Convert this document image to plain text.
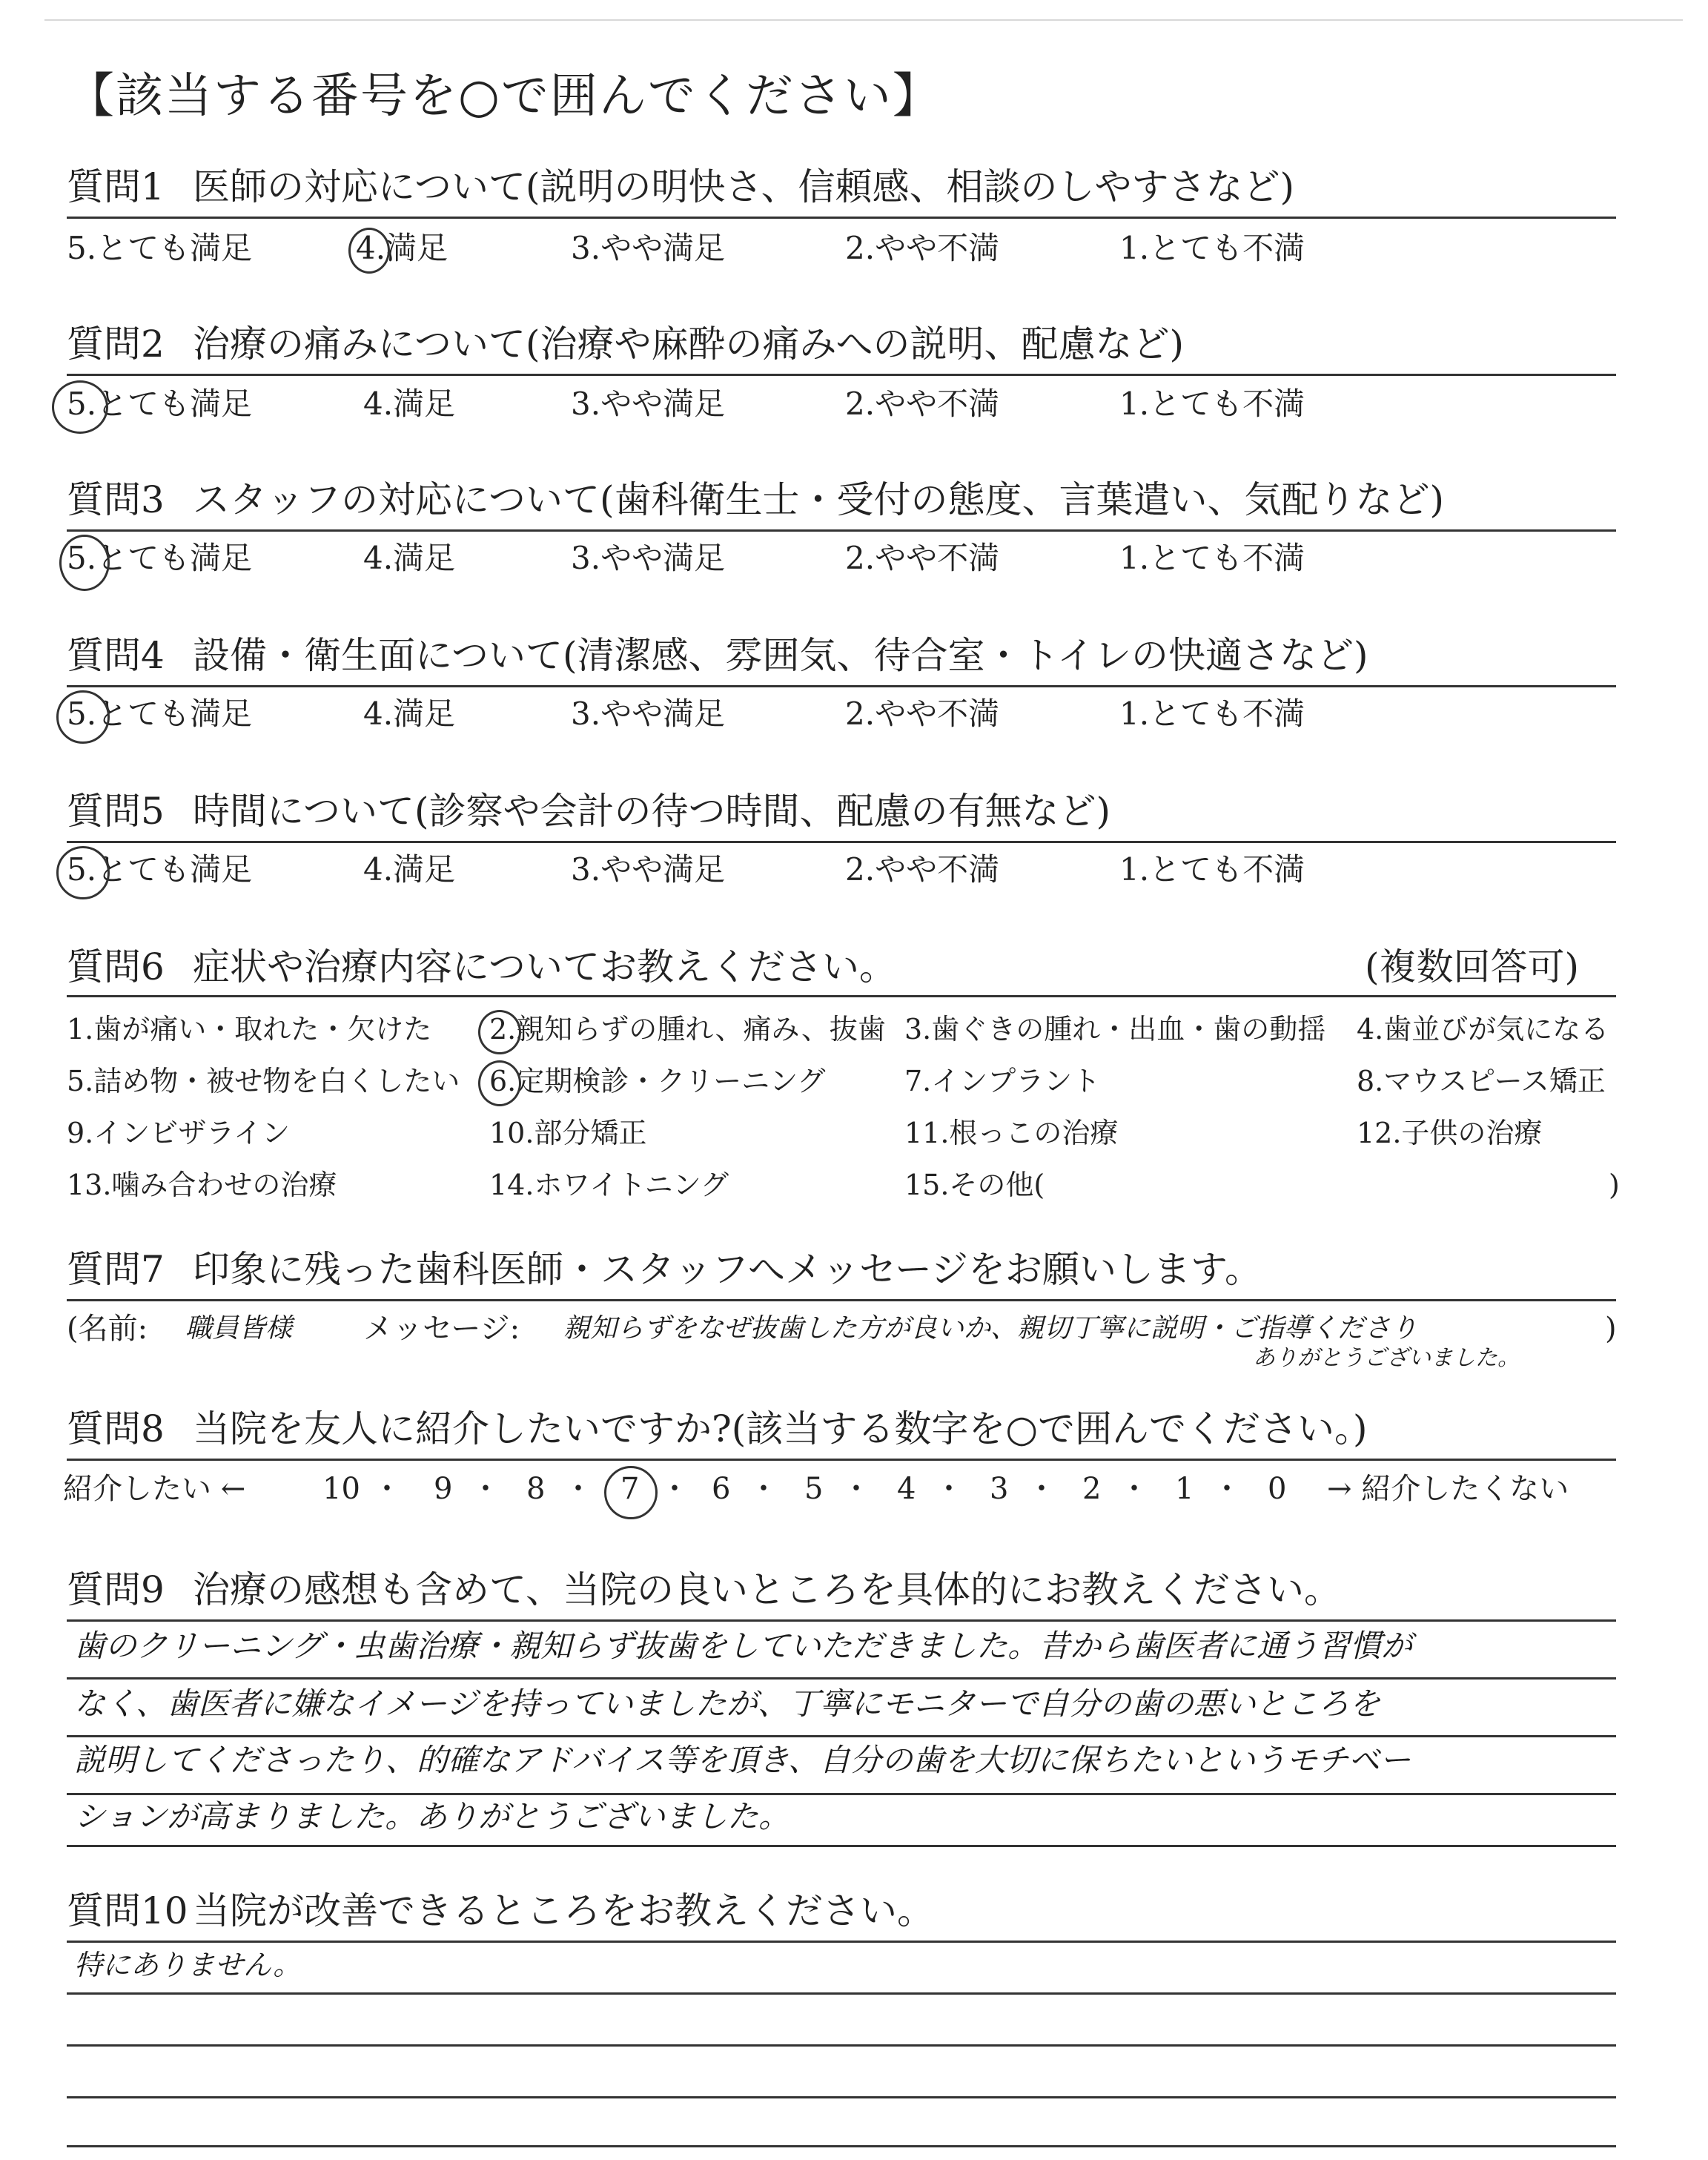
【該当する番号を○で囲んでください】
質問1 医師の対応について(説明の明快さ、信頼感、相談のしやすさなど)
5.とても満足	4.満足	3.やや満足	2.やや不満	1.とても不満
質問2 治療の痛みについて(治療や麻酔の痛みへの説明、配慮など)
5.とても満足	4.満足	3.やや満足	2.やや不満	1.とても不満
質問3 スタッフの対応について(歯科衛生士・受付の態度、言葉遣い、気配りなど)
5.とても満足	4.満足	3.やや満足	2.やや不満	1.とても不満
質問4 設備・衛生面について(清潔感、雰囲気、待合室・トイレの快適さなど)
5.とても満足	4.満足	3.やや満足	2.やや不満	1.とても不満
質問5 時間について(診察や会計の待つ時間、配慮の有無など)
5.とても満足	4.満足	3.やや満足	2.やや不満	1.とても不満
質問6 症状や治療内容についてお教えください。	(複数回答可)
1.歯が痛い・取れた・欠けた 2.親知らずの腫れ、痛み、抜歯 3.歯ぐきの腫れ・出血・歯の動揺 4.歯並びが気になる
5.詰め物・被せ物を白くしたい 6.定期検診・クリーニング	7.インプラント	8.マウスピース矯正
9.インビザライン	10.部分矯正	11.根っこの治療	12.子供の治療
13.噛み合わせの治療	14.ホワイトニング	15.その他(	)
質問7 印象に残った歯科医師・スタッフへメッセージをお願いします。
(名前: 職員皆様 メッセージ: 親知らずをなぜ抜歯した方が良いか、親切丁寧に説明・ご指導くださり
ありがとうございました。
)
質問8 当院を友人に紹介したいですか?(該当する数字を○で囲んでください。)
紹介したい ←	10 ・ 9 ・ 8 ・ 7 ・ 6 ・ 5 ・ 4 ・ 3 ・ 2 ・ 1 ・ 0 → 紹介したくない
質問9 治療の感想も含めて、当院の良いところを具体的にお教えください。
歯のクリーニング・虫歯治療・親知らず抜歯をしていただきました。昔から歯医者に通う習慣が
なく、歯医者に嫌なイメージを持っていましたが、丁寧にモニターで自分の歯の悪いところを
説明してくださったり、的確なアドバイス等を頂き、自分の歯を大切に保ちたいというモチベー
ションが高まりました。ありがとうございました。
質問10 当院が改善できるところをお教えください。
特にありません。
